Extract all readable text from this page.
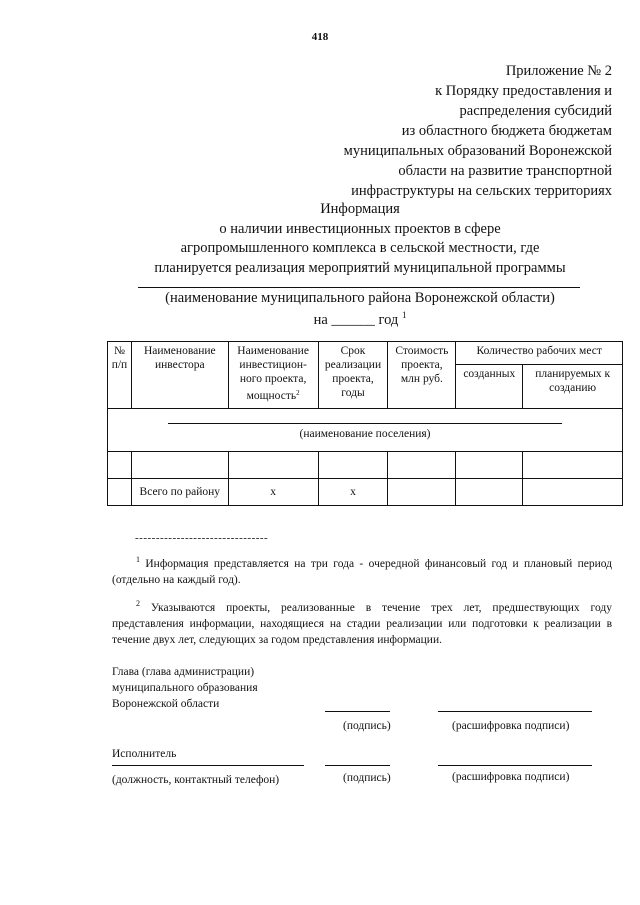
418
Приложение № 2
к Порядку предоставления и
распределения субсидий
из областного бюджета бюджетам
муниципальных образований Воронежской
области на развитие транспортной
инфраструктуры на сельских территориях
Информация
о наличии инвестиционных проектов в сфере
агропромышленного комплекса в сельской местности, где
планируется реализация мероприятий муниципальной программы
(наименование муниципального района Воронежской области)
на ______ год $^1$
№ п/п	Наименование инвестора	Наименование инвестицион-ного проекта, мощность$^2$	Срок реализации проекта, годы	Стоимость проекта, млн руб.	Количество рабочих мест	
					созданных	планируемых к созданию

(наименование поселения)						

	Всего по району	х	х			
--------------------------------
$^1$ Информация представляется на три года - очередной финансовый год и плановый период (отдельно на каждый год).
$^2$ Указываются проекты, реализованные в течение трех лет, предшествующих году представления информации, находящиеся на стадии реализации или подготовки к реализации в течение двух лет, следующих за годом представления информации.
Глава (глава администрации)
муниципального образования
Воронежской области
(подпись)	(расшифровка подписи)
Исполнитель
(должность, контактный телефон)	(подпись)	(расшифровка подписи)
